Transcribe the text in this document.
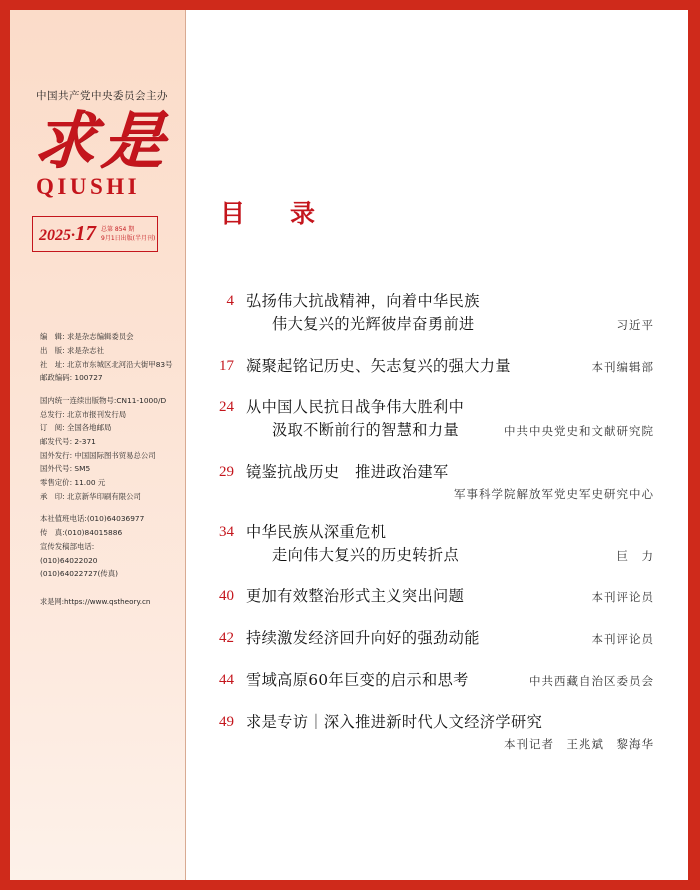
中国共产党中央委员会主办
求是
QIUSHI
2025·17 总第 854 期
9月1日出版(半月刊)
编　辑: 求是杂志编辑委员会
出　版: 求是杂志社
社　址: 北京市东城区北河沿大街甲83号
邮政编码: 100727
国内统一连续出版物号:CN11-1000/D
总发行: 北京市报刊发行局
订　阅: 全国各地邮局
邮发代号: 2-371
国外发行: 中国国际图书贸易总公司
国外代号: SM5
零售定价: 11.00 元
承　印: 北京新华印刷有限公司
本社值班电话:(010)64036977
传　真:(010)84015886
宣传发稿部电话:
(010)64022020
(010)64022727(传真)
求是网:https://www.qstheory.cn
目　录
4 弘扬伟大抗战精神，向着中华民族
伟大复兴的光辉彼岸奋勇前进	习近平
17 凝聚起铭记历史、矢志复兴的强大力量	本刊编辑部
24 从中国人民抗日战争伟大胜利中
汲取不断前行的智慧和力量	中共中央党史和文献研究院
29 镜鉴抗战历史　推进政治建军
军事科学院解放军党史军史研究中心
34 中华民族从深重危机
走向伟大复兴的历史转折点	巨　力
40 更加有效整治形式主义突出问题	本刊评论员
42 持续激发经济回升向好的强劲动能	本刊评论员
44 雪域高原60年巨变的启示和思考	中共西藏自治区委员会
49 求是专访｜深入推进新时代人文经济学研究
本刊记者　王兆斌　黎海华
